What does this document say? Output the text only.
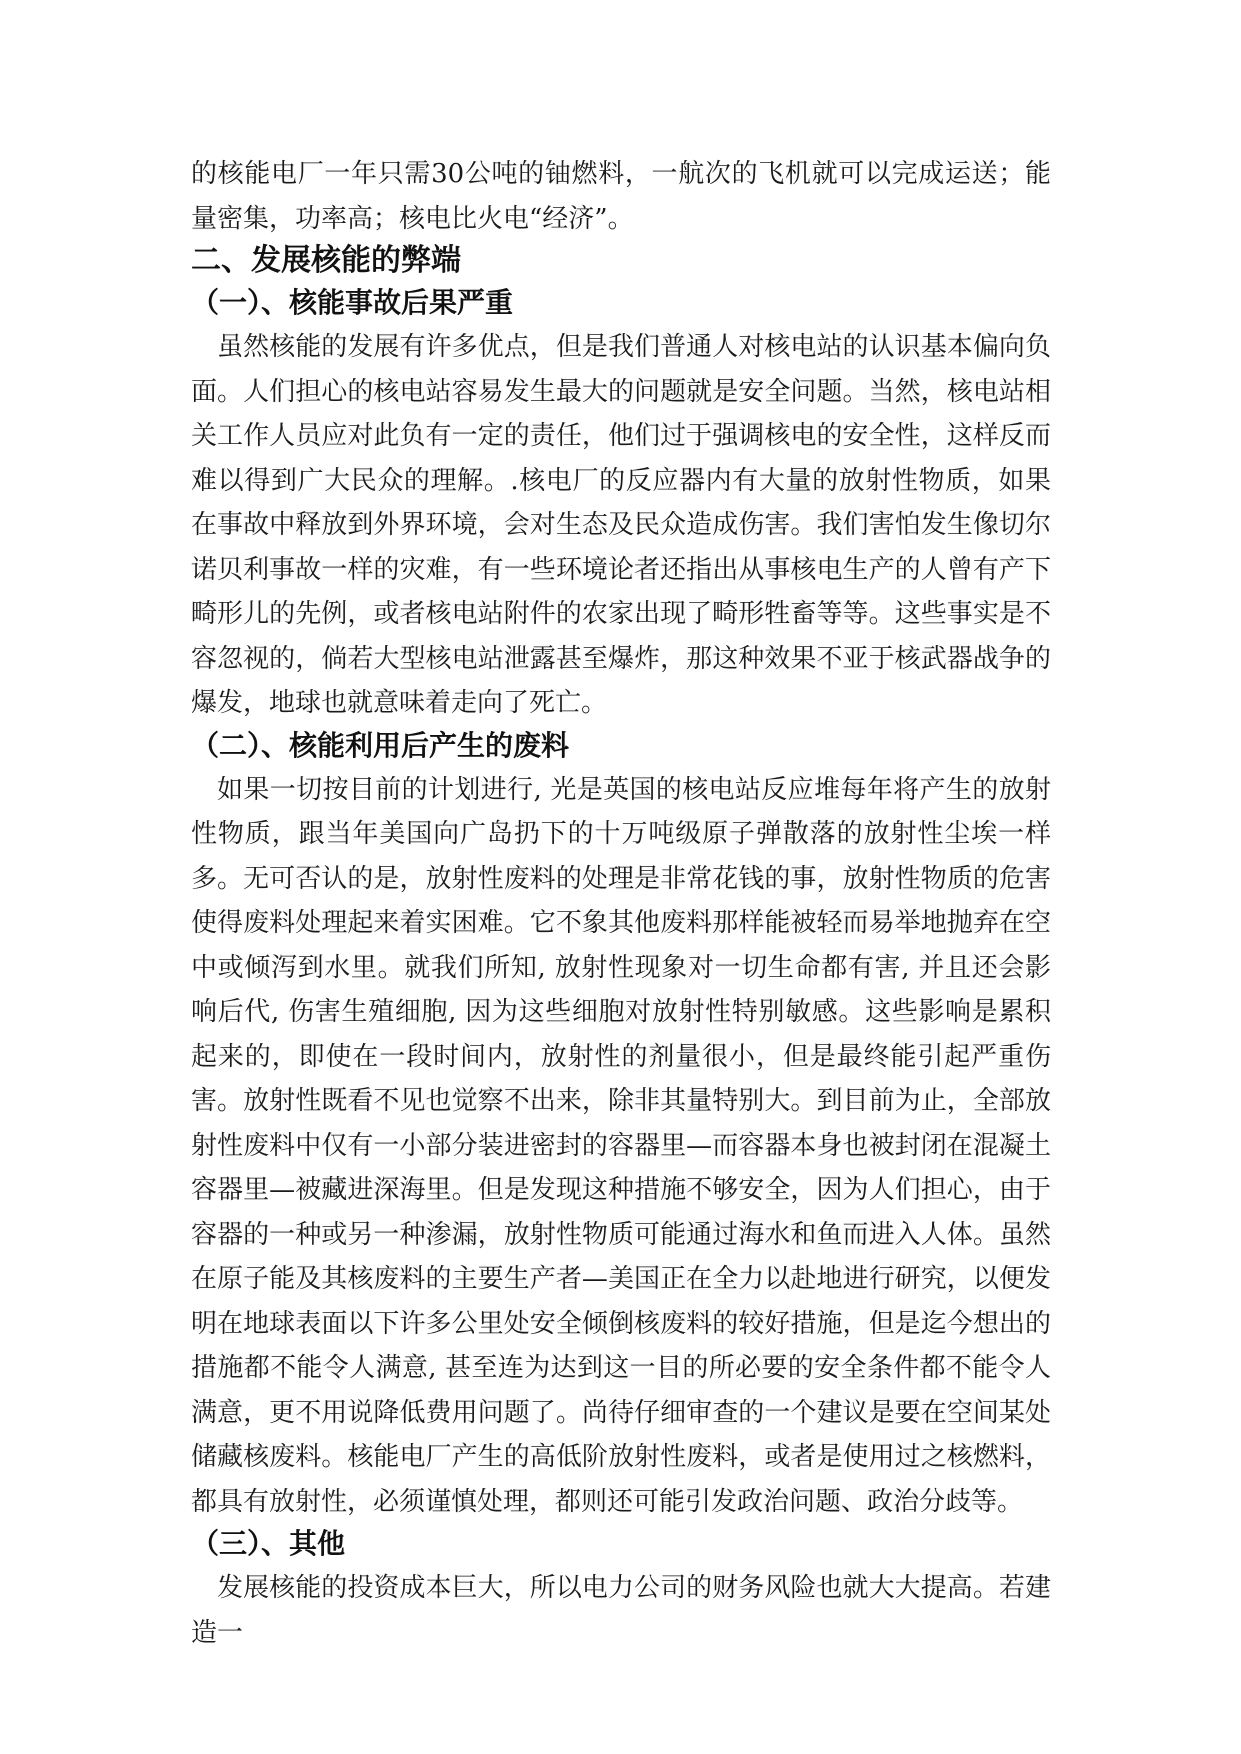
的核能电厂一年只需30公吨的铀燃料，一航次的飞机就可以完成运送；能量密集，功率高；核电比火电“经济”。

二、发展核能的弊端
（一）、核能事故后果严重

虽然核能的发展有许多优点，但是我们普通人对核电站的认识基本偏向负面。人们担心的核电站容易发生最大的问题就是安全问题。当然，核电站相关工作人员应对此负有一定的责任，他们过于强调核电的安全性，这样反而难以得到广大民众的理解。.核电厂的反应器内有大量的放射性物质，如果在事故中释放到外界环境，会对生态及民众造成伤害。我们害怕发生像切尔诺贝利事故一样的灾难，有一些环境论者还指出从事核电生产的人曾有产下畸形儿的先例，或者核电站附件的农家出现了畸形牲畜等等。这些事实是不容忽视的，倘若大型核电站泄露甚至爆炸，那这种效果不亚于核武器战争的爆发，地球也就意味着走向了死亡。

（二）、核能利用后产生的废料

如果一切按目前的计划进行, 光是英国的核电站反应堆每年将产生的放射性物质，跟当年美国向广岛扔下的十万吨级原子弹散落的放射性尘埃一样多。无可否认的是，放射性废料的处理是非常花钱的事，放射性物质的危害使得废料处理起来着实困难。它不象其他废料那样能被轻而易举地抛弃在空中或倾泻到水里。就我们所知, 放射性现象对一切生命都有害, 并且还会影响后代, 伤害生殖细胞, 因为这些细胞对放射性特别敏感。这些影响是累积起来的，即使在一段时间内，放射性的剂量很小，但是最终能引起严重伤害。放射性既看不见也觉察不出来，除非其量特别大。到目前为止，全部放射性废料中仅有一小部分装进密封的容器里—而容器本身也被封闭在混凝土容器里—被藏进深海里。但是发现这种措施不够安全，因为人们担心，由于容器的一种或另一种渗漏，放射性物质可能通过海水和鱼而进入人体。虽然在原子能及其核废料的主要生产者—美国正在全力以赴地进行研究，以便发明在地球表面以下许多公里处安全倾倒核废料的较好措施，但是迄今想出的措施都不能令人满意, 甚至连为达到这一目的所必要的安全条件都不能令人满意，更不用说降低费用问题了。尚待仔细审查的一个建议是要在空间某处储藏核废料。核能电厂产生的高低阶放射性废料，或者是使用过之核燃料，都具有放射性，必须谨慎处理，都则还可能引发政治问题、政治分歧等。

（三）、其他

发展核能的投资成本巨大，所以电力公司的财务风险也就大大提高。若建造一
